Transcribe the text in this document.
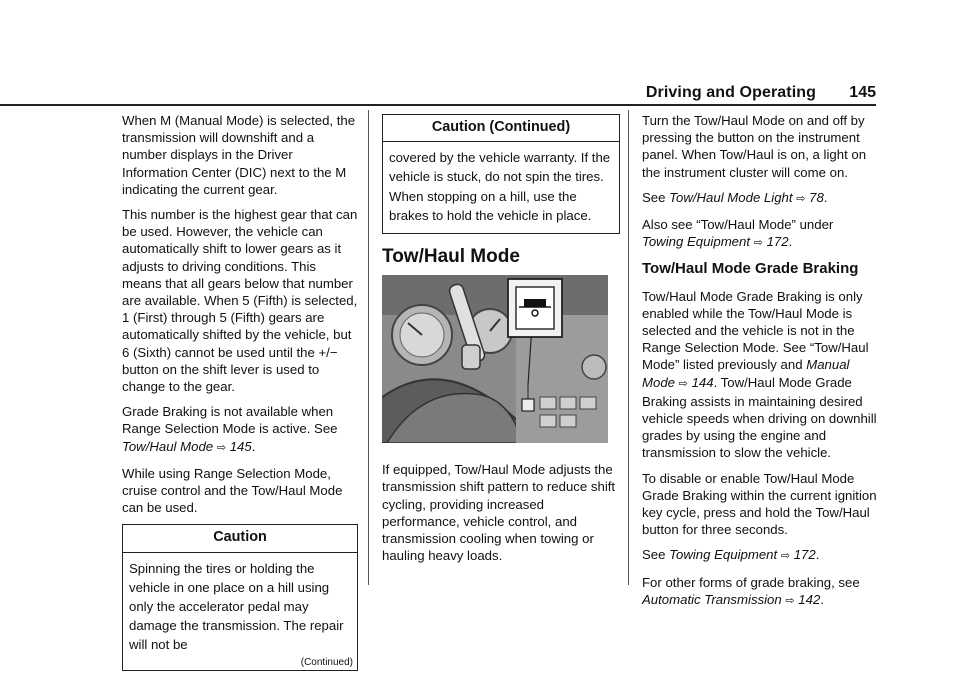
Driving and Operating 145

When M (Manual Mode) is selected, the transmission will downshift and a number displays in the Driver Information Center (DIC) next to the M indicating the current gear.

This number is the highest gear that can be used. However, the vehicle can automatically shift to lower gears as it adjusts to driving conditions. This means that all gears below that number are available. When 5 (Fifth) is selected, 1 (First) through 5 (Fifth) gears are automatically shifted by the vehicle, but 6 (Sixth) cannot be used until the +/− button on the shift lever is used to change to the gear.

Grade Braking is not available when Range Selection Mode is active. See Tow/Haul Mode ⇨ 145.

While using Range Selection Mode, cruise control and the Tow/Haul Mode can be used.

Caution
Spinning the tires or holding the vehicle in one place on a hill using only the accelerator pedal may damage the transmission. The repair will not be
(Continued)
Caution (Continued)
covered by the vehicle warranty. If the vehicle is stuck, do not spin the tires. When stopping on a hill, use the brakes to hold the vehicle in place.
Tow/Haul Mode

If equipped, Tow/Haul Mode adjusts the transmission shift pattern to reduce shift cycling, providing increased performance, vehicle control, and transmission cooling when towing or hauling heavy loads.

Turn the Tow/Haul Mode on and off by pressing the button on the instrument panel. When Tow/Haul is on, a light on the instrument cluster will come on.

See Tow/Haul Mode Light ⇨ 78.

Also see “Tow/Haul Mode” under Towing Equipment ⇨ 172.

Tow/Haul Mode Grade Braking

Tow/Haul Mode Grade Braking is only enabled while the Tow/Haul Mode is selected and the vehicle is not in the Range Selection Mode. See “Tow/Haul Mode” listed previously and Manual Mode ⇨ 144. Tow/Haul Mode Grade Braking assists in maintaining desired vehicle speeds when driving on downhill grades by using the engine and transmission to slow the vehicle.

To disable or enable Tow/Haul Mode Grade Braking within the current ignition key cycle, press and hold the Tow/Haul button for three seconds.

See Towing Equipment ⇨ 172.

For other forms of grade braking, see Automatic Transmission ⇨ 142.
